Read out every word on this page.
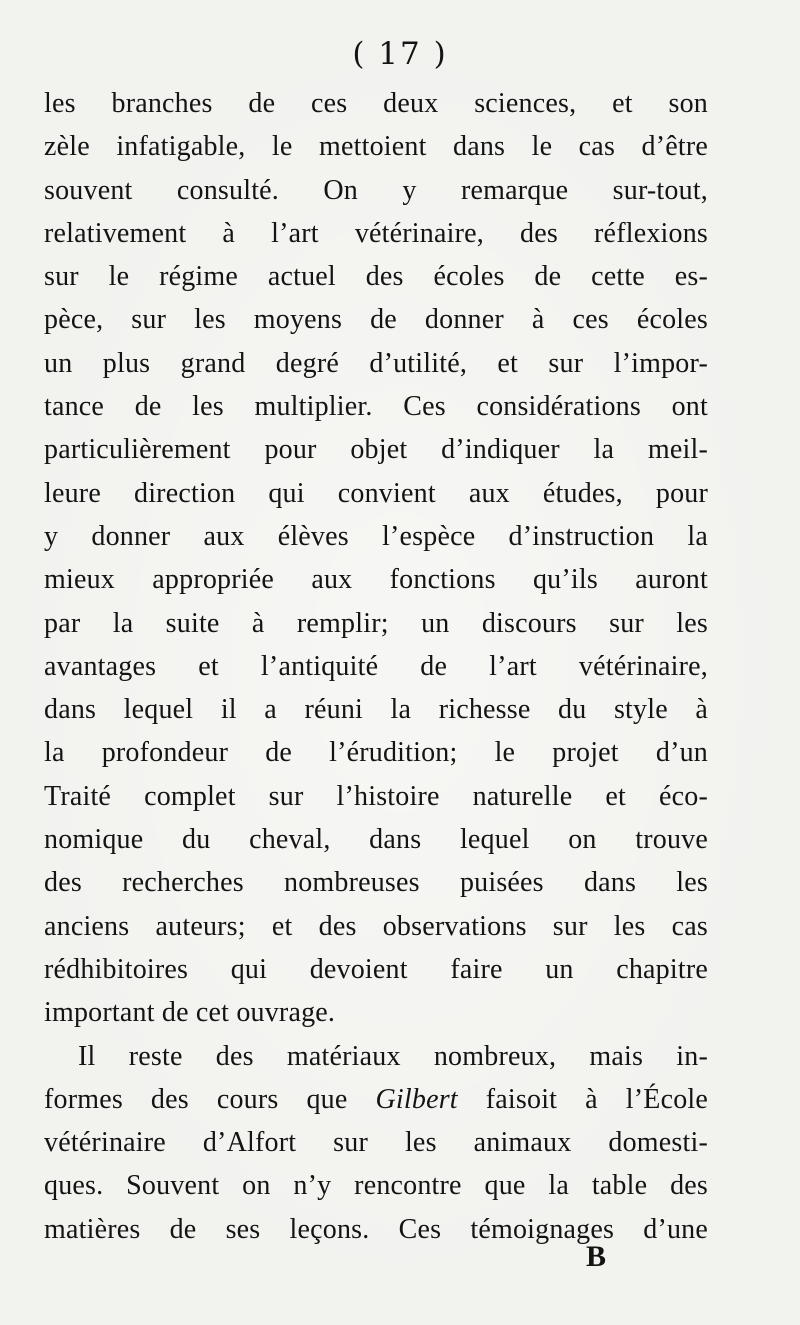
( 17 )
les branches de ces deux sciences, et son
zèle infatigable, le mettoient dans le cas d’être
souvent consulté. On y remarque sur-tout,
relativement à l’art vétérinaire, des réflexions
sur le régime actuel des écoles de cette es-
pèce, sur les moyens de donner à ces écoles
un plus grand degré d’utilité, et sur l’impor-
tance de les multiplier. Ces considérations ont
particulièrement pour objet d’indiquer la meil-
leure direction qui convient aux études, pour
y donner aux élèves l’espèce d’instruction la
mieux appropriée aux fonctions qu’ils auront
par la suite à remplir; un discours sur les
avantages et l’antiquité de l’art vétérinaire,
dans lequel il a réuni la richesse du style à
la profondeur de l’érudition; le projet d’un
Traité complet sur l’histoire naturelle et éco-
nomique du cheval, dans lequel on trouve
des recherches nombreuses puisées dans les
anciens auteurs; et des observations sur les cas
rédhibitoires qui devoient faire un chapitre
important de cet ouvrage.
Il reste des matériaux nombreux, mais in-
formes des cours que Gilbert faisoit à l’École
vétérinaire d’Alfort sur les animaux domesti-
ques. Souvent on n’y rencontre que la table des
matières de ses leçons. Ces témoignages d’une
B
